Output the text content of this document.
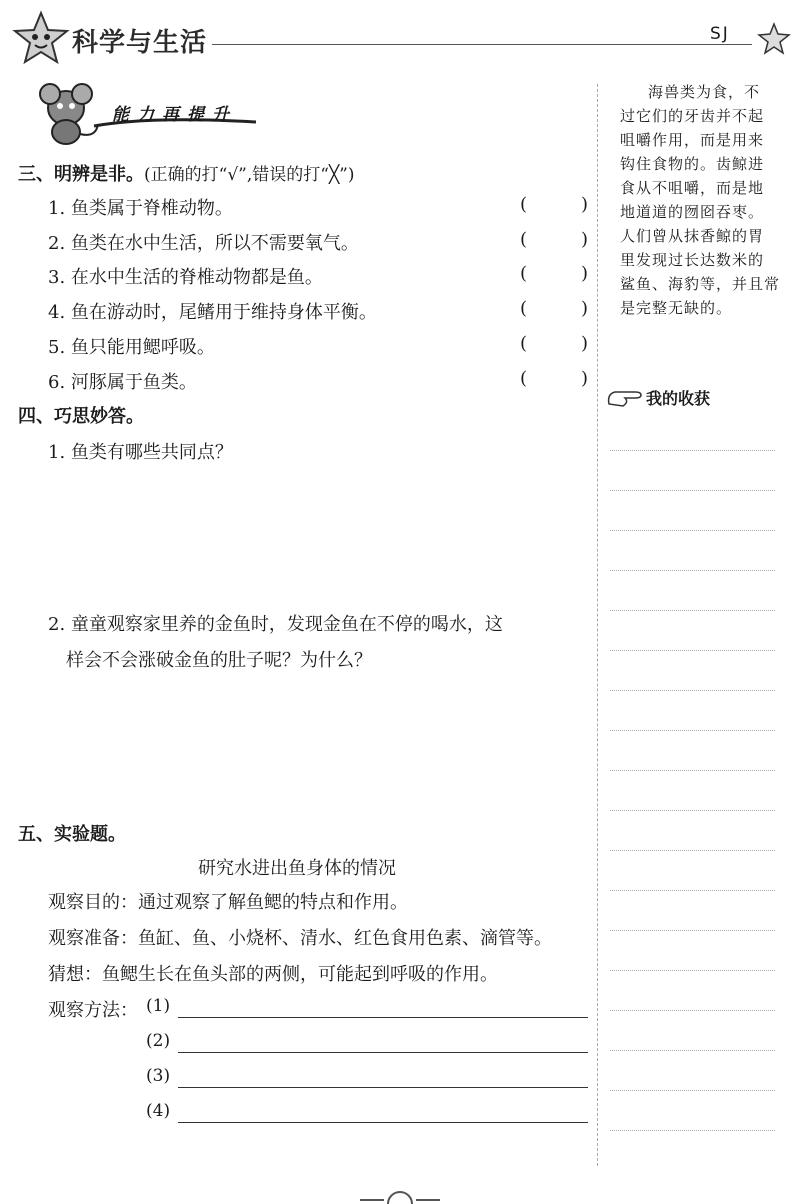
科学与生活	SJ
能力再提升
三、明辨是非。(正确的打“√”,错误的打“╳”)
1. 鱼类属于脊椎动物。	(	)
2. 鱼类在水中生活，所以不需要氧气。	(	)
3. 在水中生活的脊椎动物都是鱼。	(	)
4. 鱼在游动时，尾鳍用于维持身体平衡。	(	)
5. 鱼只能用鳃呼吸。	(	)
6. 河豚属于鱼类。	(	)
四、巧思妙答。
1. 鱼类有哪些共同点？
2. 童童观察家里养的金鱼时，发现金鱼在不停的喝水，这
样会不会涨破金鱼的肚子呢？为什么？
五、实验题。
研究水进出鱼身体的情况
观察目的：通过观察了解鱼鳃的特点和作用。
观察准备：鱼缸、鱼、小烧杯、清水、红色食用色素、滴管等。
猜想：鱼鳃生长在鱼头部的两侧，可能起到呼吸的作用。
观察方法： (1)
(2)
(3)
(4)
海兽类为食，不
过它们的牙齿并不起
咀嚼作用，而是用来
钩住食物的。齿鲸进
食从不咀嚼，而是地
地道道的囫囵吞枣。
人们曾从抹香鲸的胃
里发现过长达数米的
鲨鱼、海豹等，并且常
是完整无缺的。
我的收获
